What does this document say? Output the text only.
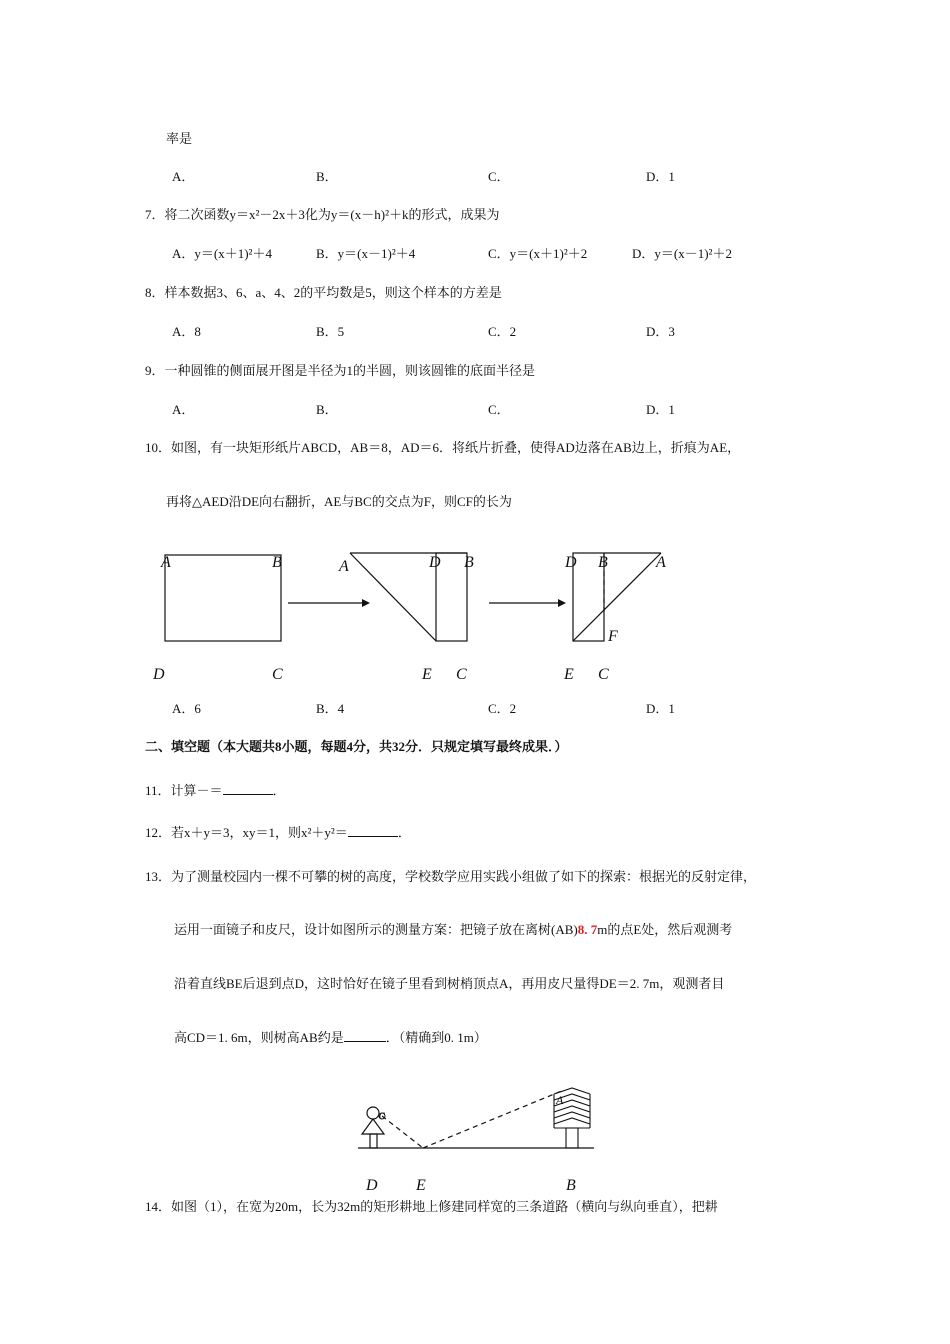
率是
A．	B．	C．	D．1
7．将二次函数y＝x²－2x＋3化为y＝(x－h)²＋k的形式，成果为
A．y＝(x＋1)²＋4	B．y＝(x－1)²＋4	C．y＝(x＋1)²＋2	D．y＝(x－1)²＋2
8．样本数据3、6、a、4、2的平均数是5，则这个样本的方差是
A．8	B．5	C．2	D．3
9．一种圆锥的侧面展开图是半径为1的半圆，则该圆锥的底面半径是
A．	B．	C．	D．1
10．如图，有一块矩形纸片ABCD，AB＝8，AD＝6．将纸片折叠，使得AD边落在AB边上，折痕为AE，
再将△AED沿DE向右翻折，AE与BC的交点为F，则CF的长为
A	B
D	C
A	D B
E C
D B	A
F
E C
A．6	B．4	C．2	D．1
二、填空题（本大题共8小题，每题4分，共32分．只规定填写最终成果．）
11．计算－＝	．
12．若x＋y＝3，xy＝1，则x²＋y²＝	．
13．为了测量校园内一棵不可攀的树的高度，学校数学应用实践小组做了如下的探索：根据光的反射定律，
运用一面镜子和皮尺，设计如图所示的测量方案：把镜子放在离树(AB)8. 7m的点E处，然后观测考
沿着直线BE后退到点D，这时恰好在镜子里看到树梢顶点A，再用皮尺量得DE＝2. 7m，观测者目
高CD＝1. 6m，则树高AB约是	．（精确到0. 1m）
A
C
D E	B
14．如图（1），在宽为20m，长为32m的矩形耕地上修建同样宽的三条道路（横向与纵向垂直），把耕
